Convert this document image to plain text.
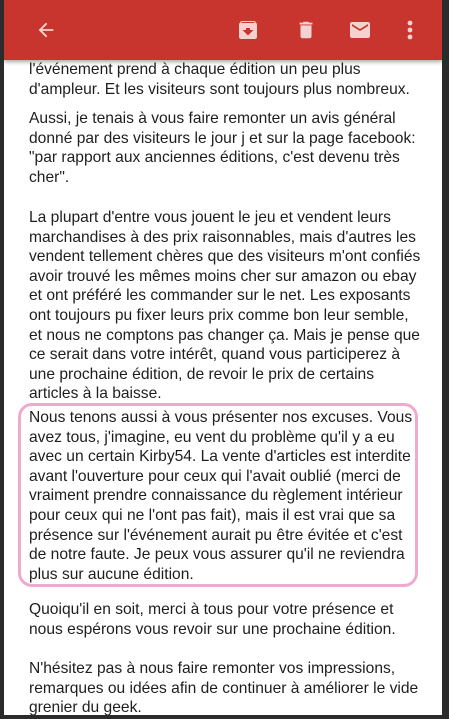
l'événement prend à chaque édition un peu plus d'ampleur. Et les visiteurs sont toujours plus nombreux.

Aussi, je tenais à vous faire remonter un avis général donné par des visiteurs le jour j et sur la page facebook: "par rapport aux anciennes éditions, c'est devenu très cher".

La plupart d'entre vous jouent le jeu et vendent leurs marchandises à des prix raisonnables, mais d'autres les vendent tellement chères que des visiteurs m'ont confiés avoir trouvé les mêmes moins cher sur amazon ou ebay et ont préféré les commander sur le net. Les exposants ont toujours pu fixer leurs prix comme bon leur semble, et nous ne comptons pas changer ça. Mais je pense que ce serait dans votre intérêt, quand vous participerez à une prochaine édition, de revoir le prix de certains articles à la baisse.

Nous tenons aussi à vous présenter nos excuses. Vous avez tous, j'imagine, eu vent du problème qu'il y a eu avec un certain Kirby54. La vente d'articles est interdite avant l'ouverture pour ceux qui l'avait oublié (merci de vraiment prendre connaissance du règlement intérieur pour ceux qui ne l'ont pas fait), mais il est vrai que sa présence sur l'événement aurait pu être évitée et c'est de notre faute. Je peux vous assurer qu'il ne reviendra plus sur aucune édition.

Quoiqu'il en soit, merci à tous pour votre présence et nous espérons vous revoir sur une prochaine édition.

N'hésitez pas à nous faire remonter vos impressions, remarques ou idées afin de continuer à améliorer le vide grenier du geek.
